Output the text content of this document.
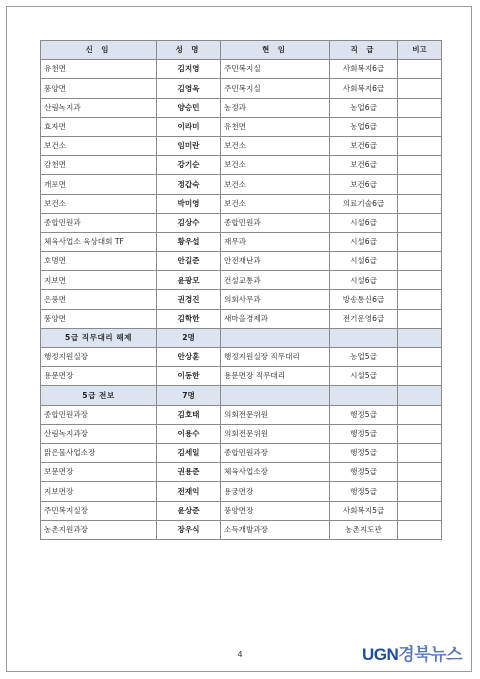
신 임	성 명	현 임	직 급	비고
유천면	김지영	주민복지실	사회복지6급	
풍양면	김영옥	주민복지실	사회복지6급	
산림녹지과	양승민	농정과	농업6급	
효자면	이라미	유천면	농업6급	
보건소	임미란	보건소	보건6급	
감천면	강기순	보건소	보건6급	
개포면	정갑숙	보건소	보건6급	
보건소	박미영	보건소	의료기술6급	
종합민원과	김상수	종합민원과	시설6급	
체육사업소 육상대회 TF	황우섭	재무과	시설6급	
호명면	안길준	안전재난과	시설6급	
지보면	윤광모	건설교통과	시설6급	
은풍면	권경진	의회사무과	방송통신6급	
풍양면	김학한	새마을경제과	전기운영6급	
5급 직무대리 해제	2명			
행정지원실장	안상훈	행정지원실장 직무대리	농업5급	
용문면장	이동한	용문면장 직무대리	시설5급	
5급 전보	7명			
종합민원과장	김호태	의회전문위원	행정5급	
산림녹지과장	이용수	의회전문위원	행정5급	
맑은물사업소장	김세일	종합민원과장	행정5급	
보문면장	권용준	체육사업소장	행정5급	
지보면장	전재익	용궁면장	행정5급	
주민복지실장	윤상준	풍양면장	사회복지5급	
농촌지원과장	장우식	소득개발과장	농촌지도관	
4	UGN경북뉴스
